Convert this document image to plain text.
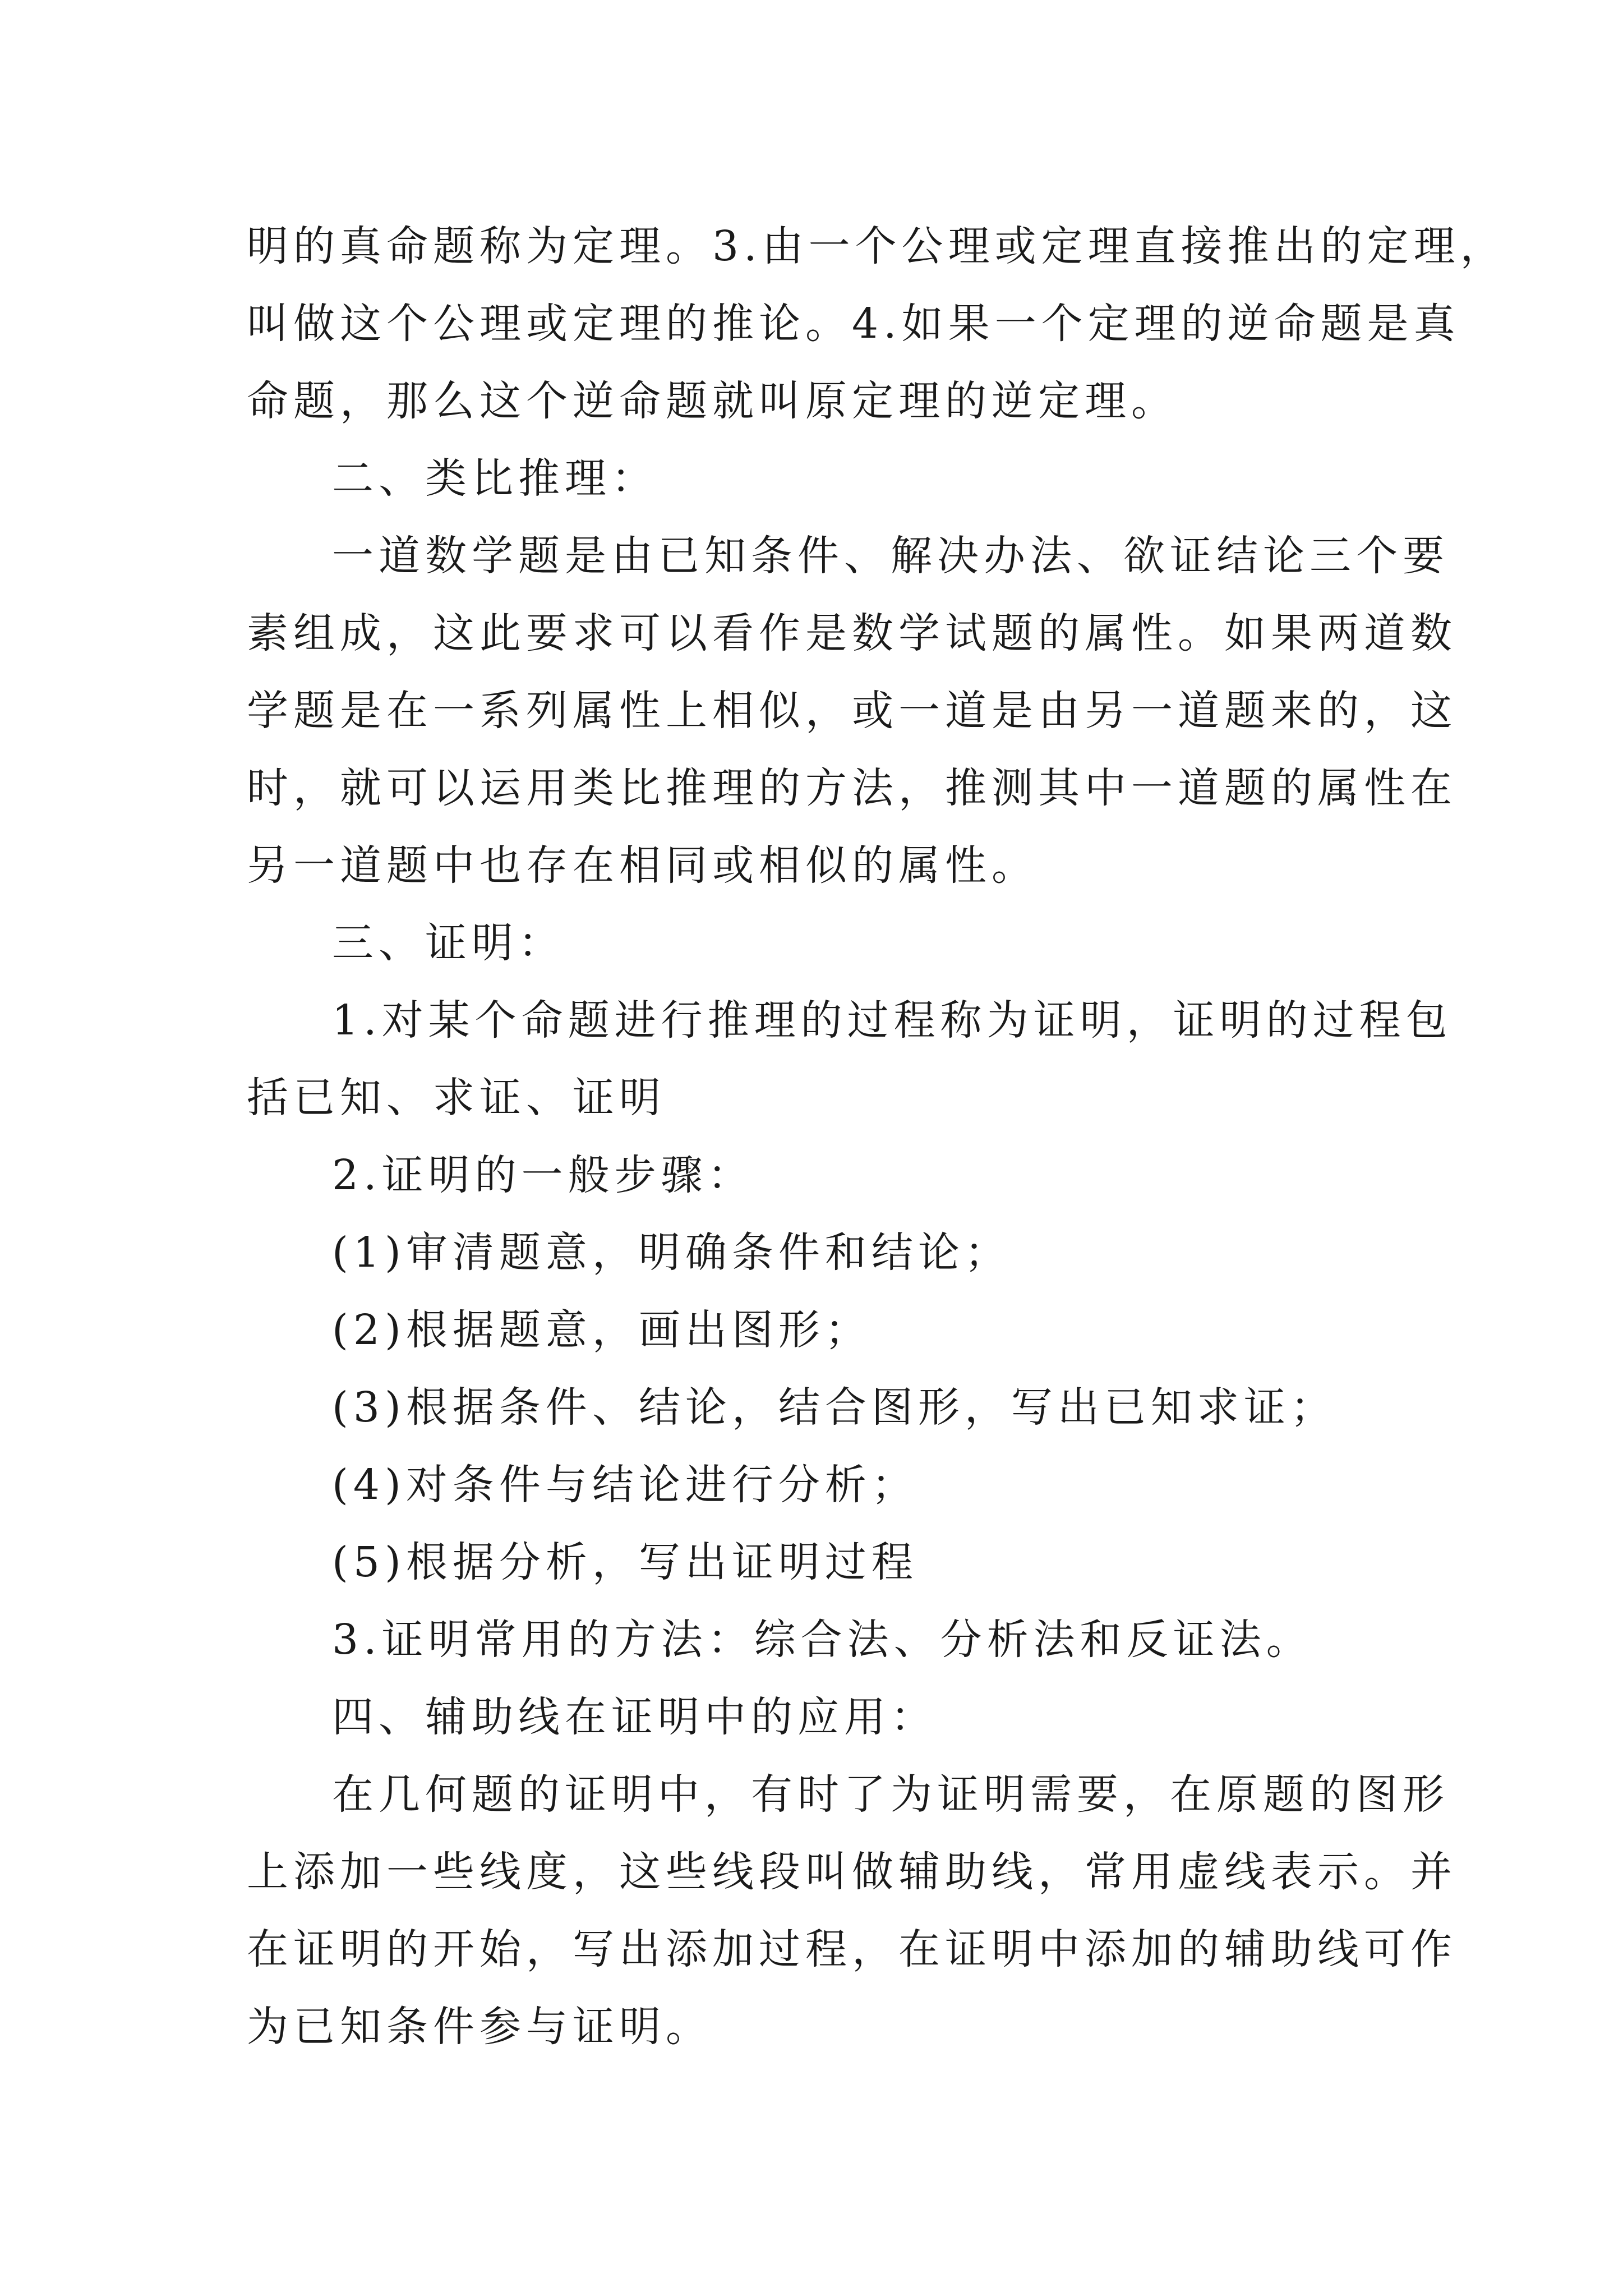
明的真命题称为定理。3.由一个公理或定理直接推出的定理，
叫做这个公理或定理的推论。4.如果一个定理的逆命题是真
命题，那么这个逆命题就叫原定理的逆定理。
二、类比推理：
一道数学题是由已知条件、解决办法、欲证结论三个要
素组成，这此要求可以看作是数学试题的属性。如果两道数
学题是在一系列属性上相似，或一道是由另一道题来的，这
时，就可以运用类比推理的方法，推测其中一道题的属性在
另一道题中也存在相同或相似的属性。
三、证明：
1.对某个命题进行推理的过程称为证明，证明的过程包
括已知、求证、证明
2.证明的一般步骤：
(1)审清题意，明确条件和结论；
(2)根据题意，画出图形；
(3)根据条件、结论，结合图形，写出已知求证；
(4)对条件与结论进行分析；
(5)根据分析，写出证明过程
3.证明常用的方法：综合法、分析法和反证法。
四、辅助线在证明中的应用：
在几何题的证明中，有时了为证明需要，在原题的图形
上添加一些线度，这些线段叫做辅助线，常用虚线表示。并
在证明的开始，写出添加过程，在证明中添加的辅助线可作
为已知条件参与证明。
